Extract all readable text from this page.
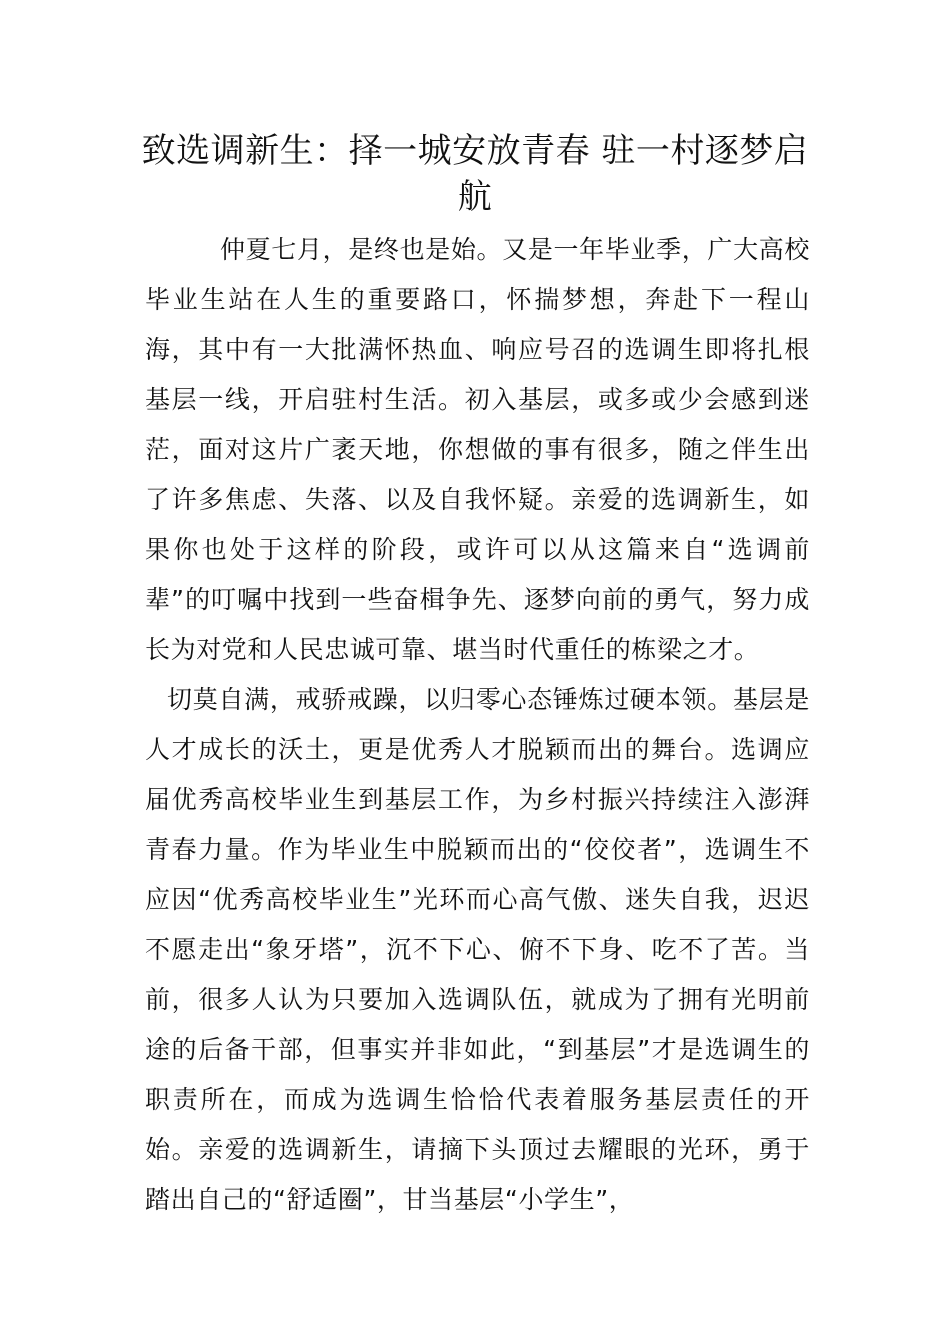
致选调新生：择一城安放青春 驻一村逐梦启航

仲夏七月，是终也是始。又是一年毕业季，广大高校毕业生站在人生的重要路口，怀揣梦想，奔赴下一程山海，其中有一大批满怀热血、响应号召的选调生即将扎根基层一线，开启驻村生活。初入基层，或多或少会感到迷茫，面对这片广袤天地，你想做的事有很多，随之伴生出了许多焦虑、失落、以及自我怀疑。亲爱的选调新生，如果你也处于这样的阶段，或许可以从这篇来自“选调前辈”的叮嘱中找到一些奋楫争先、逐梦向前的勇气，努力成长为对党和人民忠诚可靠、堪当时代重任的栋梁之才。

切莫自满，戒骄戒躁，以归零心态锤炼过硬本领。基层是人才成长的沃土，更是优秀人才脱颖而出的舞台。选调应届优秀高校毕业生到基层工作，为乡村振兴持续注入澎湃青春力量。作为毕业生中脱颖而出的“佼佼者”，选调生不应因“优秀高校毕业生”光环而心高气傲、迷失自我，迟迟不愿走出“象牙塔”，沉不下心、俯不下身、吃不了苦。当前，很多人认为只要加入选调队伍，就成为了拥有光明前途的后备干部，但事实并非如此，“到基层”才是选调生的职责所在，而成为选调生恰恰代表着服务基层责任的开始。亲爱的选调新生，请摘下头顶过去耀眼的光环，勇于踏出自己的“舒适圈”，甘当基层“小学生”，
